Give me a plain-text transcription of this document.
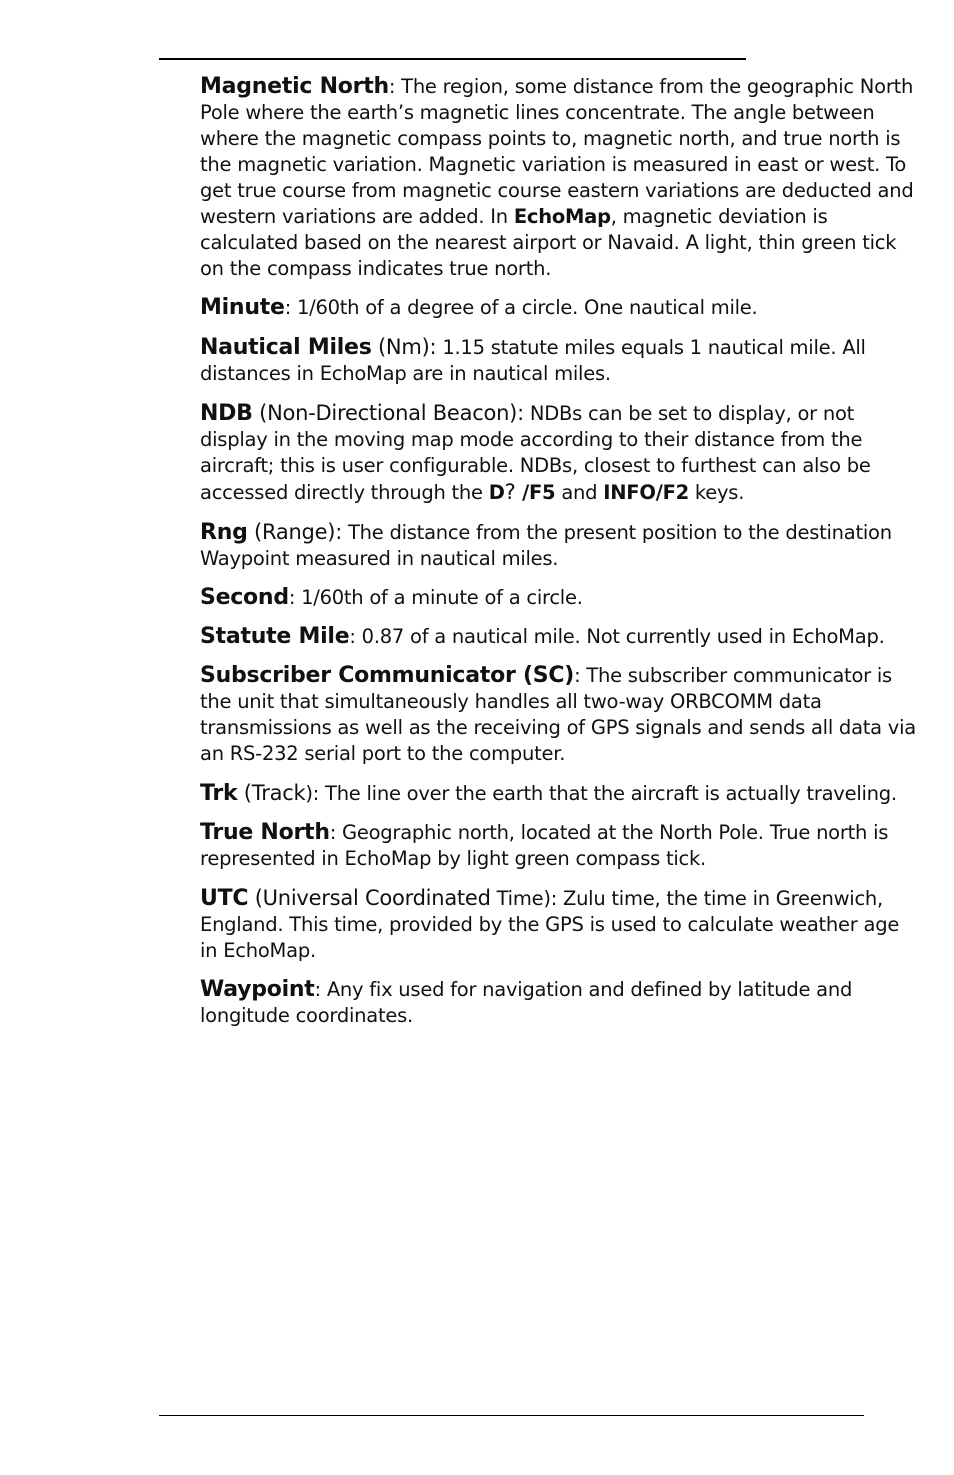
Magnetic North: The region, some distance from the geographic North Pole where the earth’s magnetic lines concentrate. The angle between where the magnetic compass points to, magnetic north, and true north is the magnetic variation. Magnetic variation is measured in east or west. To get true course from magnetic course eastern variations are deducted and western variations are added. In EchoMap, magnetic deviation is calculated based on the nearest airport or Navaid. A light, thin green tick on the compass indicates true north.

Minute: 1/60th of a degree of a circle. One nautical mile.

Nautical Miles (Nm): 1.15 statute miles equals 1 nautical mile. All distances in EchoMap are in nautical miles.

NDB (Non-Directional Beacon): NDBs can be set to display, or not display in the moving map mode according to their distance from the aircraft; this is user configurable. NDBs, closest to furthest can also be accessed directly through the D? /F5 and INFO/F2 keys.

Rng (Range): The distance from the present position to the destination Waypoint measured in nautical miles.

Second: 1/60th of a minute of a circle.

Statute Mile: 0.87 of a nautical mile. Not currently used in EchoMap.

Subscriber Communicator (SC): The subscriber communicator is the unit that simultaneously handles all two-way ORBCOMM data transmissions as well as the receiving of GPS signals and sends all data via an RS-232 serial port to the computer.

Trk (Track): The line over the earth that the aircraft is actually traveling.

True North: Geographic north, located at the North Pole. True north is represented in EchoMap by light green compass tick.

UTC (Universal Coordinated Time): Zulu time, the time in Greenwich, England. This time, provided by the GPS is used to calculate weather age in EchoMap.

Waypoint: Any fix used for navigation and defined by latitude and longitude coordinates.
